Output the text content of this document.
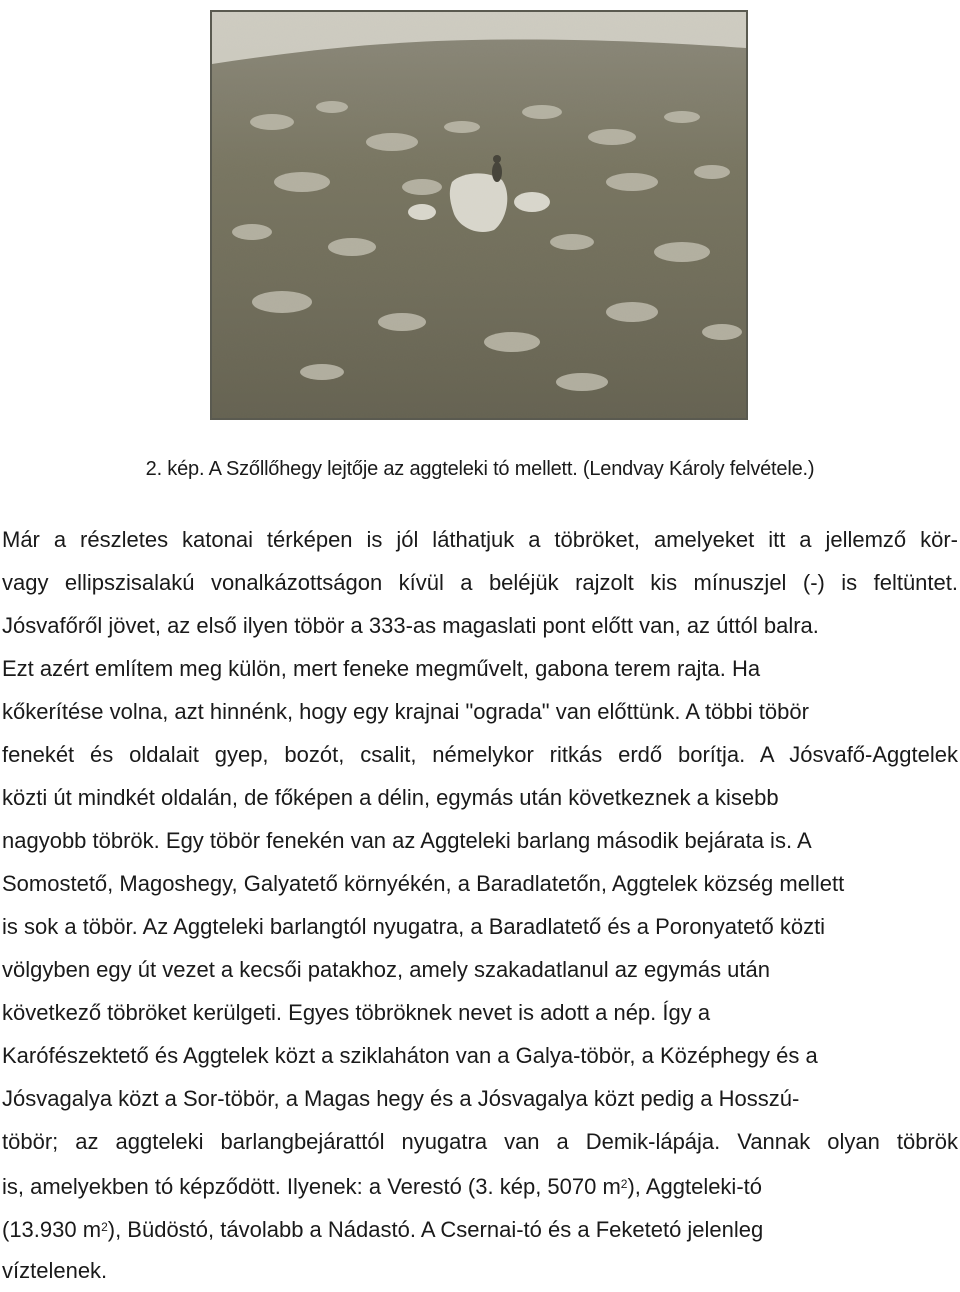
2. kép. A Szőllőhegy lejtője az aggteleki tó mellett. (Lendvay Károly felvétele.)
Már a részletes katonai térképen is jól láthatjuk a töbröket, amelyeket itt a jellemző kör-
vagy ellipszisalakú vonalkázottságon kívül a beléjük rajzolt kis mínuszjel (-) is feltüntet.
Jósvafőről jövet, az első ilyen töbör a 333-as magaslati pont előtt van, az úttól balra.
Ezt azért említem meg külön, mert feneke megművelt, gabona terem rajta. Ha
kőkerítése volna, azt hinnénk, hogy egy krajnai "ograda" van előttünk. A többi töbör
fenekét és oldalait gyep, bozót, csalit, némelykor ritkás erdő borítja. A Jósvafő-Aggtelek
közti út mindkét oldalán, de főképen a délin, egymás után következnek a kisebb
nagyobb töbrök. Egy töbör fenekén van az Aggteleki barlang második bejárata is. A
Somostető, Magoshegy, Galyatető környékén, a Baradlatetőn, Aggtelek község mellett
is sok a töbör. Az Aggteleki barlangtól nyugatra, a Baradlatető és a Poronyatető közti
völgyben egy út vezet a kecsői patakhoz, amely szakadatlanul az egymás után
következő töbröket kerülgeti. Egyes töbröknek nevet is adott a nép. Így a
Karófészektető és Aggtelek közt a sziklaháton van a Galya-töbör, a Középhegy és a
Jósvagalya közt a Sor-töbör, a Magas hegy és a Jósvagalya közt pedig a Hosszú-
töbör; az aggteleki barlangbejárattól nyugatra van a Demik-lápája. Vannak olyan töbrök
is, amelyekben tó képződött. Ilyenek: a Verestó (3. kép, 5070 $m^2$), Aggteleki-tó
(13.930 $m^2$), Büdöstó, távolabb a Nádastó. A Csernai-tó és a Feketetó jelenleg
víztelenek.
